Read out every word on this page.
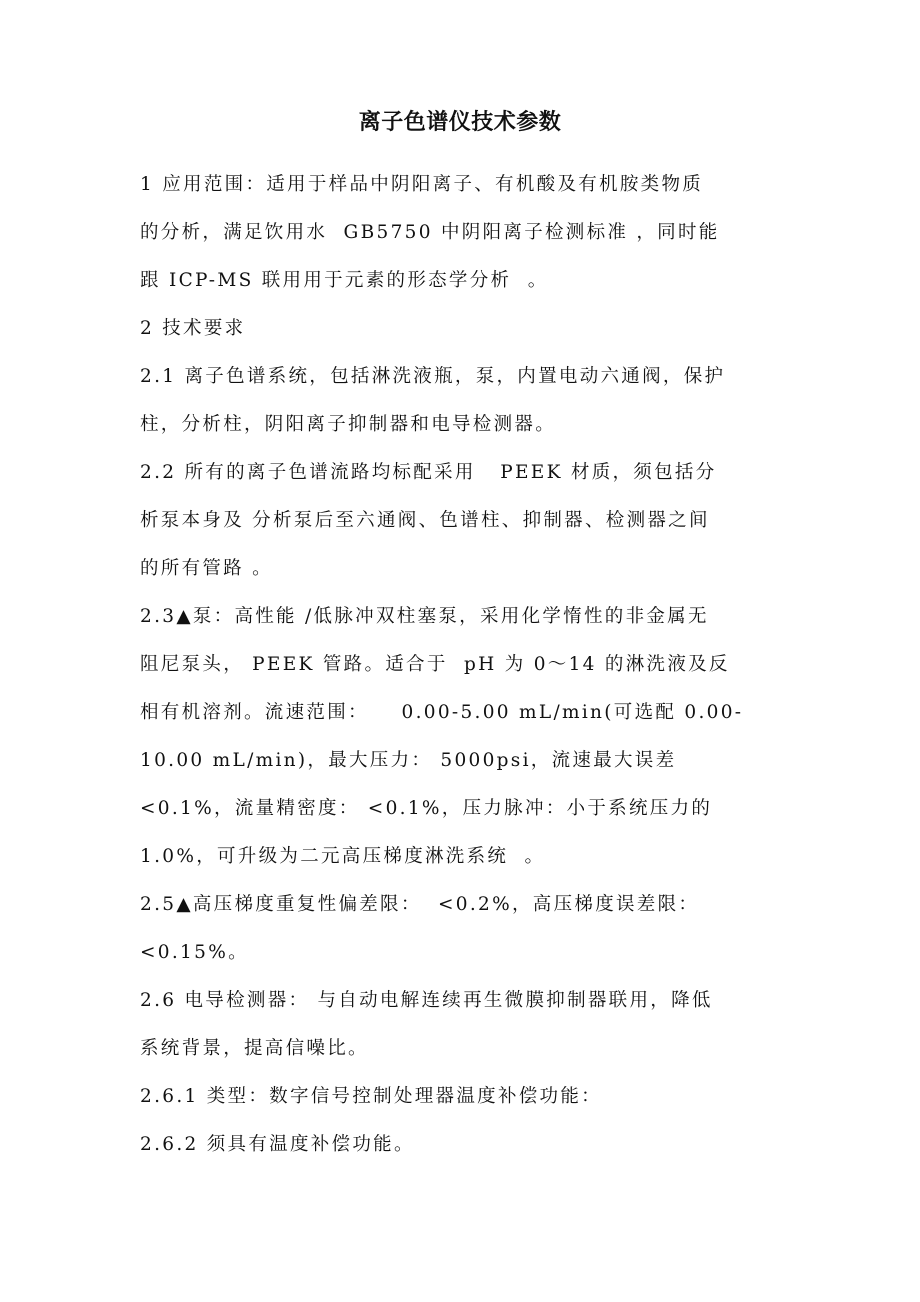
离子色谱仪技术参数
1 应用范围：适用于样品中阴阳离子、有机酸及有机胺类物质
的分析，满足饮用水  GB5750 中阴阳离子检测标准 ，同时能
跟 ICP-MS 联用用于元素的形态学分析  。
2 技术要求
2.1 离子色谱系统，包括淋洗液瓶，泵，内置电动六通阀，保护
柱，分析柱，阴阳离子抑制器和电导检测器。
2.2 所有的离子色谱流路均标配采用   PEEK 材质，须包括分
析泵本身及 分析泵后至六通阀、色谱柱、抑制器、检测器之间
的所有管路 。
2.3▲泵：高性能 /低脉冲双柱塞泵，采用化学惰性的非金属无
阻尼泵头， PEEK 管路。适合于  pH 为 0～14 的淋洗液及反
相有机溶剂。流速范围：    0.00-5.00 mL/min(可选配 0.00-
10.00 mL/min)，最大压力： 5000psi，流速最大误差
<0.1%，流量精密度： <0.1%，压力脉冲：小于系统压力的
1.0%，可升级为二元高压梯度淋洗系统  。
2.5▲高压梯度重复性偏差限：  <0.2%，高压梯度误差限：
<0.15%。
2.6 电导检测器： 与自动电解连续再生微膜抑制器联用，降低
系统背景，提高信噪比。
2.6.1 类型：数字信号控制处理器温度补偿功能：
2.6.2 须具有温度补偿功能。
